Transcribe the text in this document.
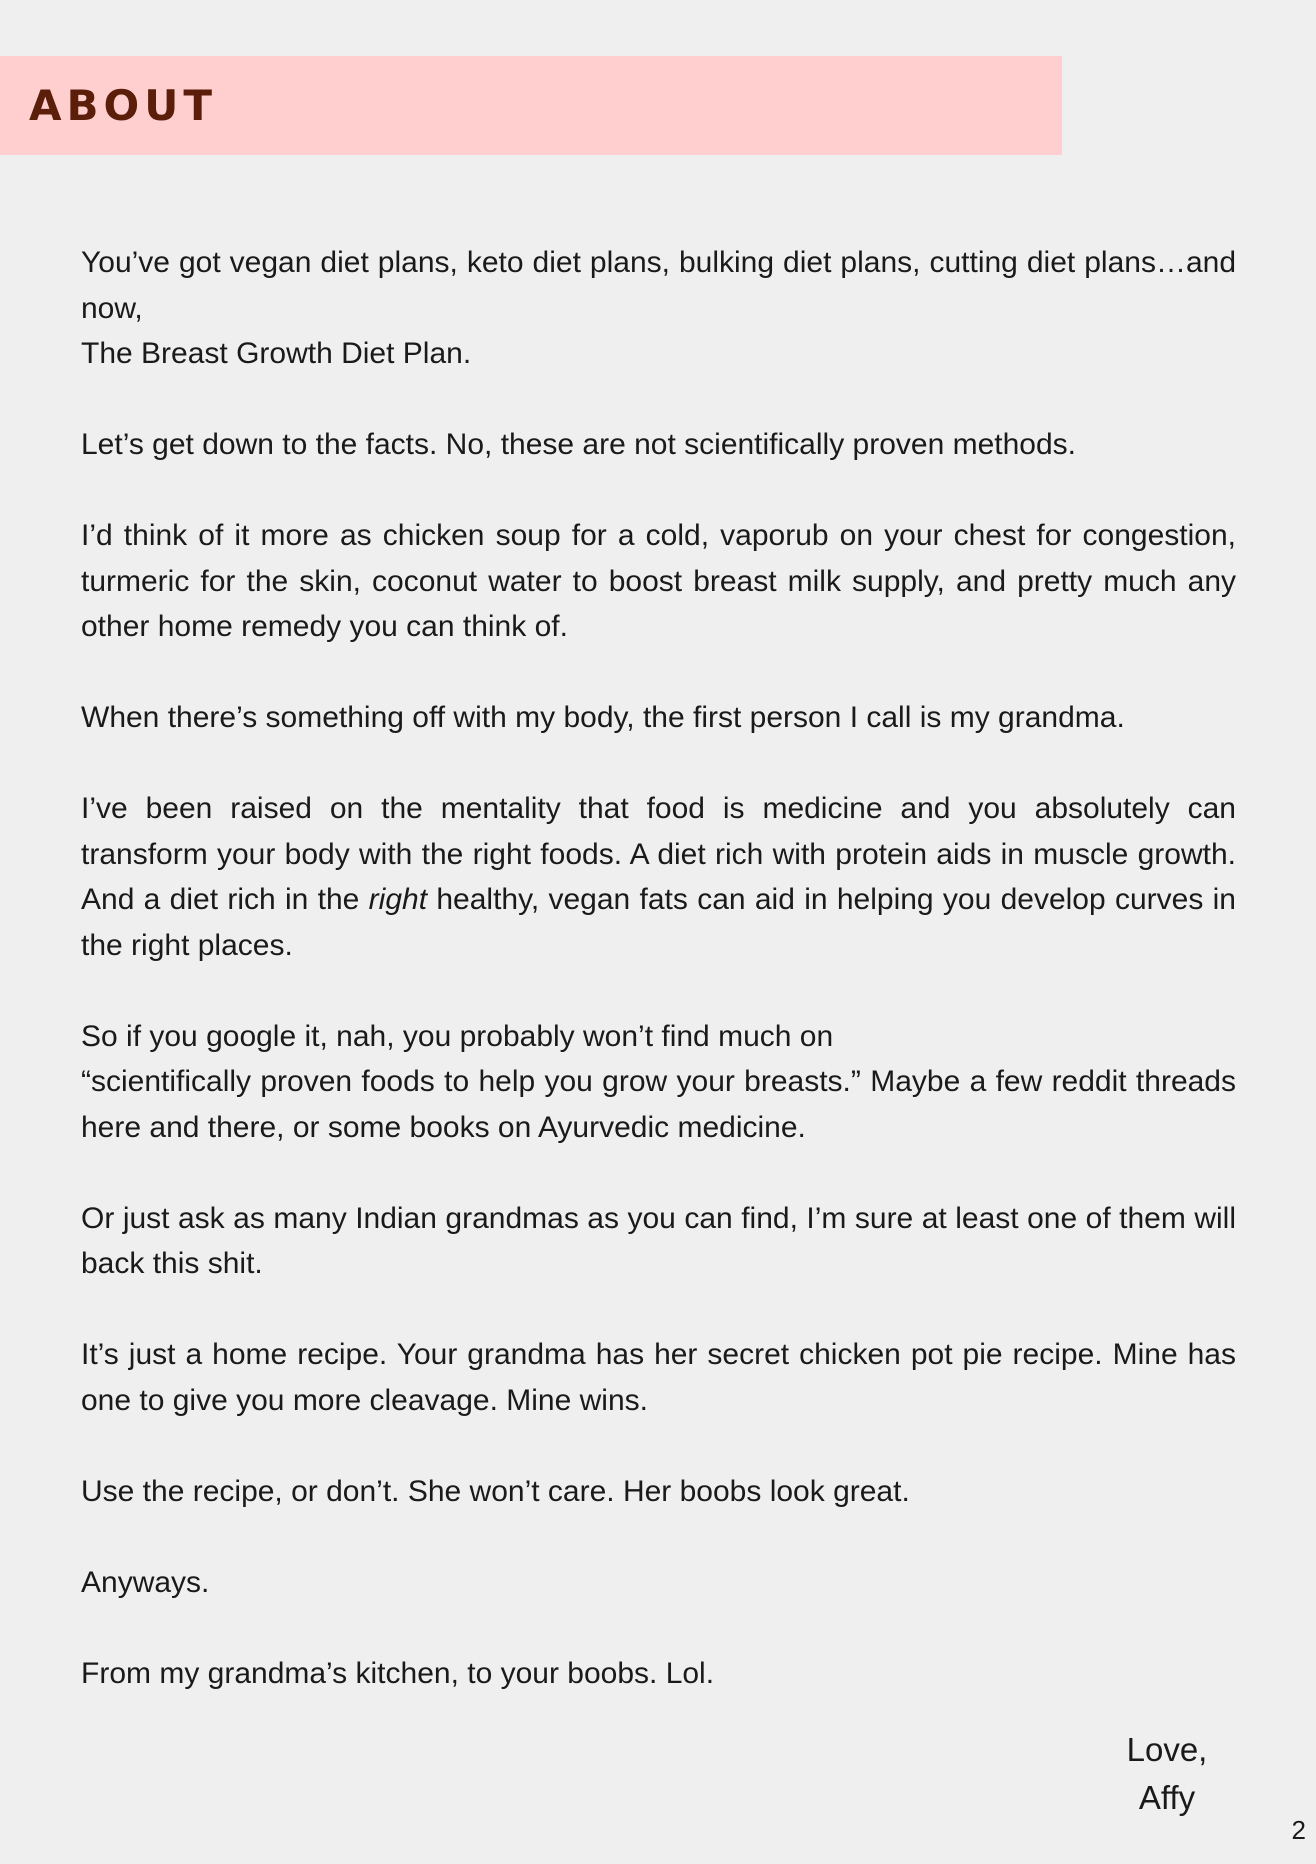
ABOUT

You’ve got vegan diet plans, keto diet plans, bulking diet plans, cutting diet plans…and now,
The Breast Growth Diet Plan.

Let’s get down to the facts. No, these are not scientifically proven methods.

I’d think of it more as chicken soup for a cold, vaporub on your chest for congestion, turmeric for the skin, coconut water to boost breast milk supply, and pretty much any other home remedy you can think of.

When there’s something off with my body, the first person I call is my grandma.

I’ve been raised on the mentality that food is medicine and you absolutely can transform your body with the right foods. A diet rich with protein aids in muscle growth. And a diet rich in the right healthy, vegan fats can aid in helping you develop curves in the right places.

So if you google it, nah, you probably won’t find much on
“scientifically proven foods to help you grow your breasts.” Maybe a few reddit threads here and there, or some books on Ayurvedic medicine.

Or just ask as many Indian grandmas as you can find, I’m sure at least one of them will back this shit.

It’s just a home recipe. Your grandma has her secret chicken pot pie recipe. Mine has one to give you more cleavage. Mine wins.

Use the recipe, or don’t. She won’t care. Her boobs look great.

Anyways.

From my grandma’s kitchen, to your boobs. Lol.

Love,
Affy
2
